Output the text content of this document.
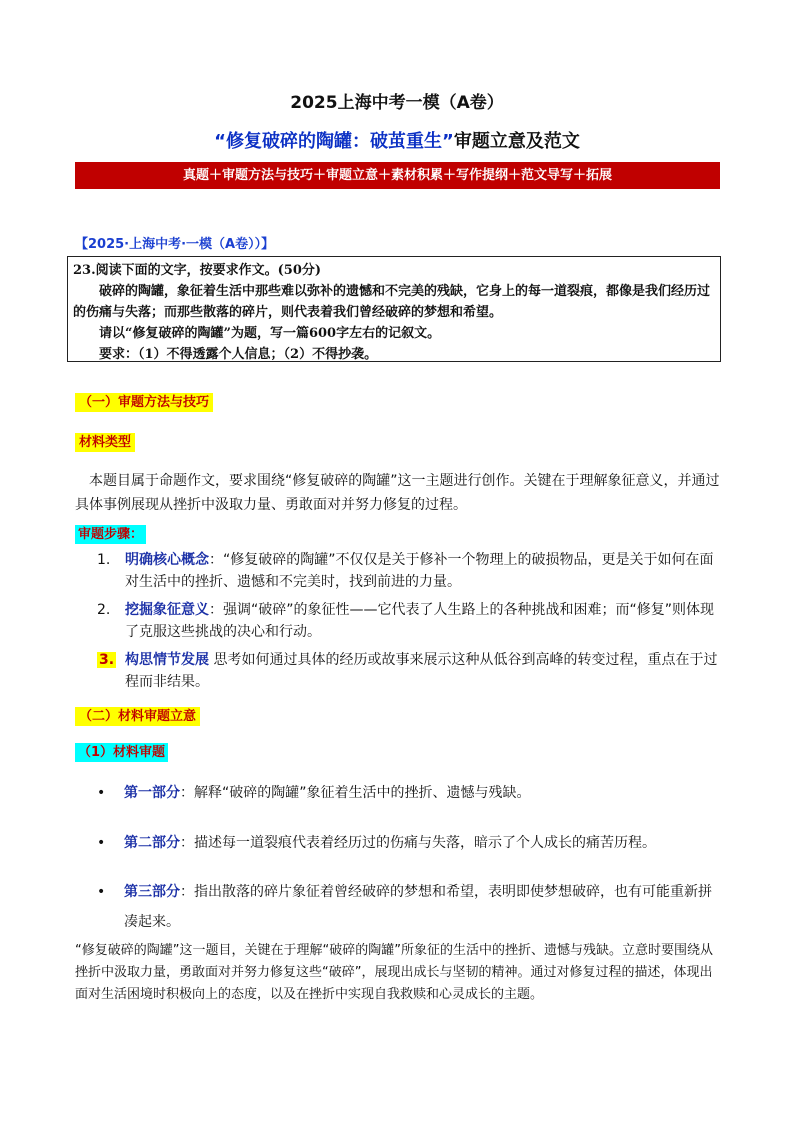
2025上海中考一模（A卷）
“修复破碎的陶罐：破茧重生”审题立意及范文
真题＋审题方法与技巧＋审题立意＋素材积累＋写作提纲＋范文导写＋拓展
【2025·上海中考·一模（A卷））】

23.阅读下面的文字，按要求作文。(50分)

破碎的陶罐，象征着生活中那些难以弥补的遗憾和不完美的残缺，它身上的每一道裂痕，都像是我们经历过的伤痛与失落；而那些散落的碎片，则代表着我们曾经破碎的梦想和希望。

请以“修复破碎的陶罐”为题，写一篇600字左右的记叙文。

要求：（1）不得透露个人信息；（2）不得抄袭。

（一）审题方法与技巧
材料类型
本题目属于命题作文，要求围绕“修复破碎的陶罐”这一主题进行创作。关键在于理解象征意义，并通过具体事例展现从挫折中汲取力量、勇敢面对并努力修复的过程。
审题步骤：
1.	明确核心概念：“修复破碎的陶罐”不仅仅是关于修补一个物理上的破损物品，更是关于如何在面对生活中的挫折、遗憾和不完美时，找到前进的力量。
2.	挖掘象征意义：强调“破碎”的象征性——它代表了人生路上的各种挑战和困难；而“修复”则体现了克服这些挑战的决心和行动。
3. 构思情节发展 思考如何通过具体的经历或故事来展示这种从低谷到高峰的转变过程，重点在于过程而非结果。
（二）材料审题立意
（1）材料审题
•	第一部分：解释“破碎的陶罐”象征着生活中的挫折、遗憾与残缺。
•	第二部分：描述每一道裂痕代表着经历过的伤痛与失落，暗示了个人成长的痛苦历程。
•	第三部分：指出散落的碎片象征着曾经破碎的梦想和希望，表明即使梦想破碎，也有可能重新拼凑起来。
“修复破碎的陶罐”这一题目，关键在于理解“破碎的陶罐”所象征的生活中的挫折、遗憾与残缺。立意时要围绕从挫折中汲取力量，勇敢面对并努力修复这些“破碎”，展现出成长与坚韧的精神。通过对修复过程的描述，体现出面对生活困境时积极向上的态度，以及在挫折中实现自我救赎和心灵成长的主题。
